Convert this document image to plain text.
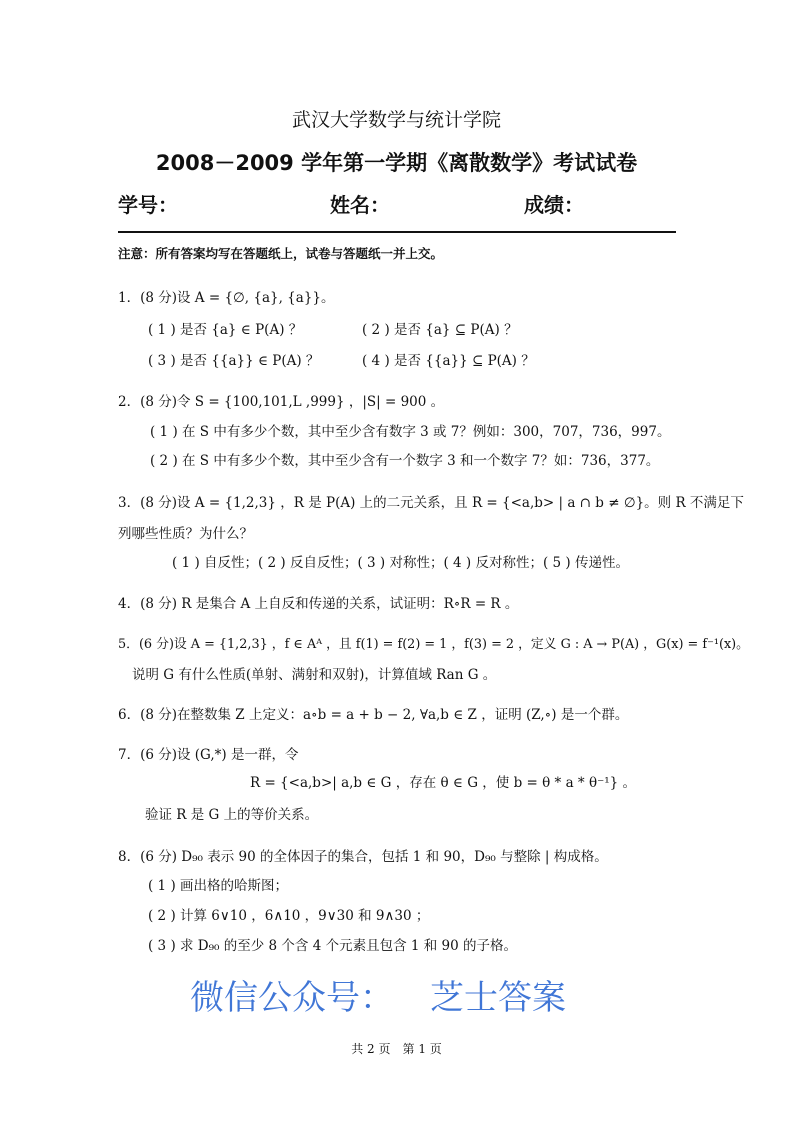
武汉大学数学与统计学院
2008－2009 学年第一学期《离散数学》考试试卷
学号：	姓名：	成绩：
注意：所有答案均写在答题纸上，试卷与答题纸一并上交。
1．(8 分)设 A = {∅, {a}, {a}}。
( 1 ) 是否 {a} ∈ P(A) ？	( 2 ) 是否 {a} ⊆ P(A) ？
( 3 ) 是否 {{a}} ∈ P(A) ？	( 4 ) 是否 {{a}} ⊆ P(A) ？
2．(8 分)令 S = {100,101,L ,999} ，|S| = 900 。
( 1 ) 在 S 中有多少个数，其中至少含有数字 3 或 7？例如：300，707，736，997。
( 2 ) 在 S 中有多少个数，其中至少含有一个数字 3 和一个数字 7？如：736，377。
3．(8 分)设 A = {1,2,3} ，R 是 P(A) 上的二元关系，且 R = {<a,b> | a ∩ b ≠ ∅}。则 R 不满足下
列哪些性质？为什么？
( 1 ) 自反性；( 2 ) 反自反性；( 3 ) 对称性；( 4 ) 反对称性；( 5 ) 传递性。
4．(8 分) R 是集合 A 上自反和传递的关系，试证明：R∘R = R 。
5．(6 分)设 A = {1,2,3} ，f ∈ Aᴬ ，且 f(1) = f(2) = 1 ，f(3) = 2 ，定义 G : A → P(A) ，G(x) = f⁻¹(x)。
说明 G 有什么性质(单射、满射和双射)，计算值域 Ran G 。
6．(8 分)在整数集 Z 上定义：a∘b = a + b − 2, ∀a,b ∈ Z ，证明 (Z,∘) 是一个群。
7．(6 分)设 (G,*) 是一群，令
R = {<a,b>| a,b ∈ G ，存在 θ ∈ G ，使 b = θ * a * θ⁻¹} 。
验证 R 是 G 上的等价关系。
8．(6 分) D₉₀ 表示 90 的全体因子的集合，包括 1 和 90，D₉₀ 与整除 | 构成格。
( 1 ) 画出格的哈斯图；
( 2 ) 计算 6∨10 ，6∧10 ，9∨30 和 9∧30 ；
( 3 ) 求 D₉₀ 的至少 8 个含 4 个元素且包含 1 和 90 的子格。
微信公众号： 芝士答案
共 2 页　第 1 页
